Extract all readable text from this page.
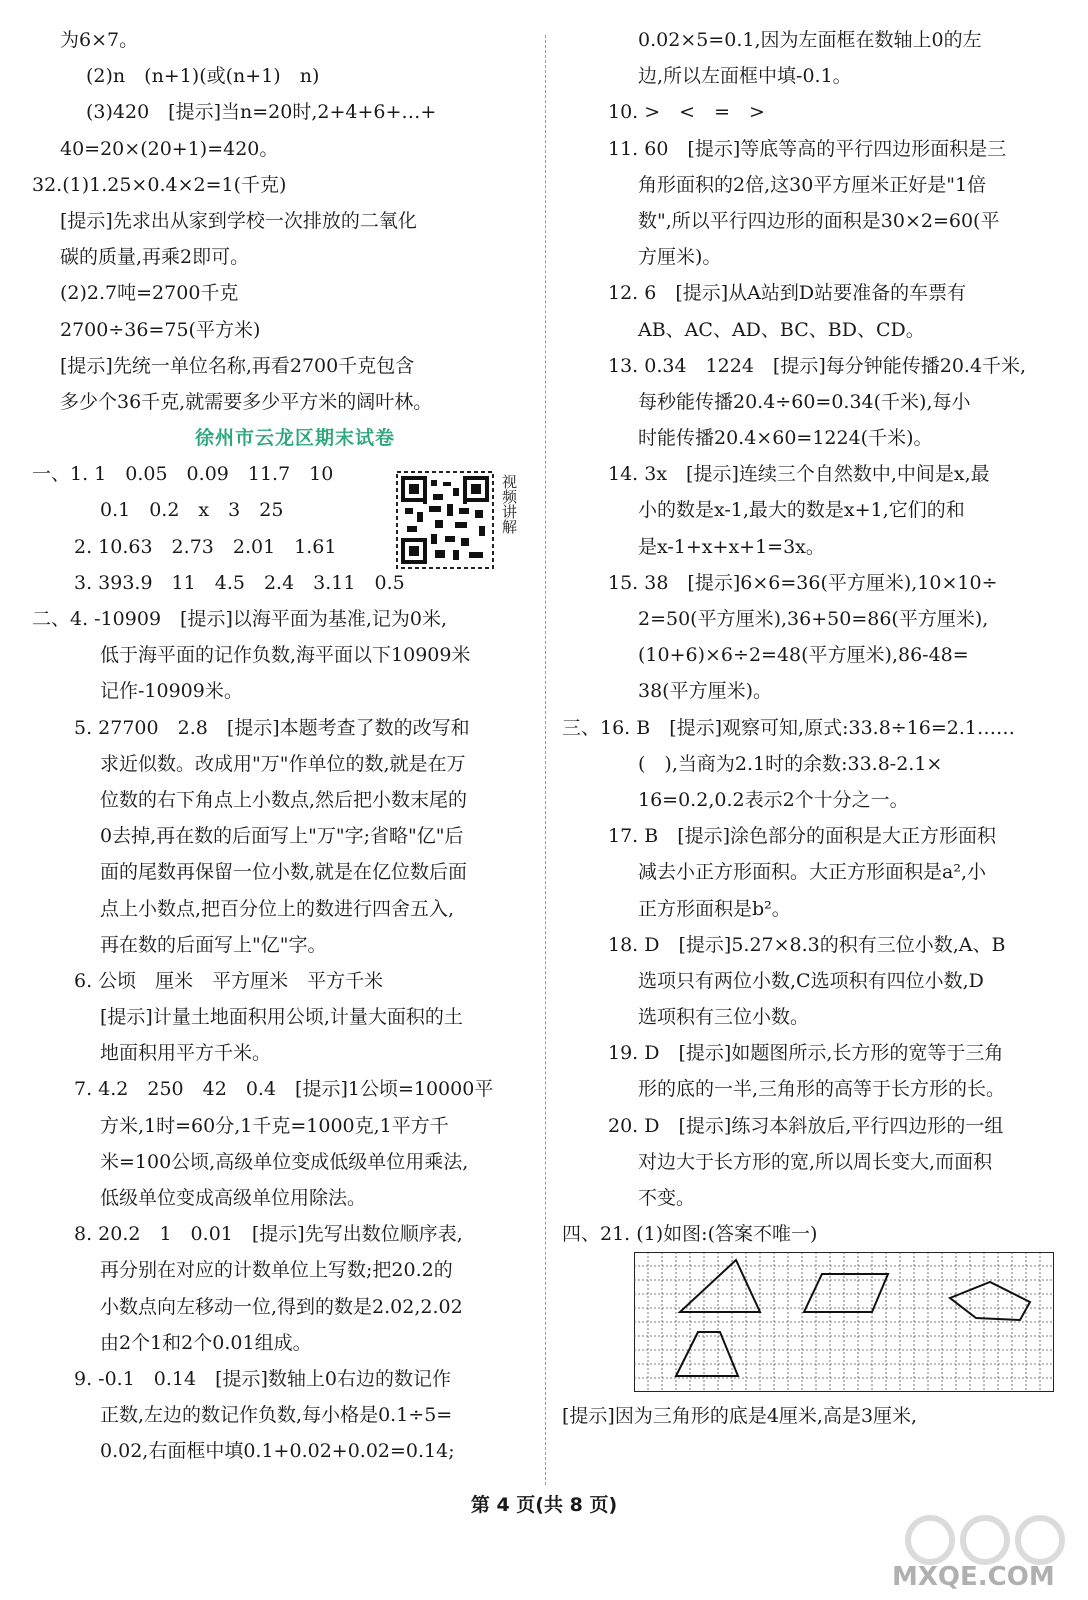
为6×7。
(2)n　(n+1)(或(n+1)　n)
(3)420　[提示]当n=20时,2+4+6+…+
40=20×(20+1)=420。
32.(1)1.25×0.4×2=1(千克)
[提示]先求出从家到学校一次排放的二氧化
碳的质量,再乘2即可。
(2)2.7吨=2700千克
2700÷36=75(平方米)
[提示]先统一单位名称,再看2700千克包含
多少个36千克,就需要多少平方米的阔叶林。
徐州市云龙区期末试卷
一、1. 1　0.05　0.09　11.7　10
0.1　0.2　x　3　25
2. 10.63　2.73　2.01　1.61
3. 393.9　11　4.5　2.4　3.11　0.5
二、4. -10909　[提示]以海平面为基准,记为0米,
低于海平面的记作负数,海平面以下10909米
记作-10909米。
5. 27700　2.8　[提示]本题考查了数的改写和
求近似数。改成用"万"作单位的数,就是在万
位数的右下角点上小数点,然后把小数末尾的
0去掉,再在数的后面写上"万"字;省略"亿"后
面的尾数再保留一位小数,就是在亿位数后面
点上小数点,把百分位上的数进行四舍五入,
再在数的后面写上"亿"字。
6. 公顷　厘米　平方厘米　平方千米
[提示]计量土地面积用公顷,计量大面积的土
地面积用平方千米。
7. 4.2　250　42　0.4　[提示]1公顷=10000平
方米,1时=60分,1千克=1000克,1平方千
米=100公顷,高级单位变成低级单位用乘法,
低级单位变成高级单位用除法。
8. 20.2　1　0.01　[提示]先写出数位顺序表,
再分别在对应的计数单位上写数;把20.2的
小数点向左移动一位,得到的数是2.02,2.02
由2个1和2个0.01组成。
9. -0.1　0.14　[提示]数轴上0右边的数记作
正数,左边的数记作负数,每小格是0.1÷5=
0.02,右面框中填0.1+0.02+0.02=0.14;
视频讲解
0.02×5=0.1,因为左面框在数轴上0的左
边,所以左面框中填-0.1。
10. >　<　=　>
11. 60　[提示]等底等高的平行四边形面积是三
角形面积的2倍,这30平方厘米正好是"1倍
数",所以平行四边形的面积是30×2=60(平
方厘米)。
12. 6　[提示]从A站到D站要准备的车票有
AB、AC、AD、BC、BD、CD。
13. 0.34　1224　[提示]每分钟能传播20.4千米,
每秒能传播20.4÷60=0.34(千米),每小
时能传播20.4×60=1224(千米)。
14. 3x　[提示]连续三个自然数中,中间是x,最
小的数是x-1,最大的数是x+1,它们的和
是x-1+x+x+1=3x。
15. 38　[提示]6×6=36(平方厘米),10×10÷
2=50(平方厘米),36+50=86(平方厘米),
(10+6)×6÷2=48(平方厘米),86-48=
38(平方厘米)。
三、16. B　[提示]观察可知,原式:33.8÷16=2.1……
(　),当商为2.1时的余数:33.8-2.1×
16=0.2,0.2表示2个十分之一。
17. B　[提示]涂色部分的面积是大正方形面积
减去小正方形面积。大正方形面积是a²,小
正方形面积是b²。
18. D　[提示]5.27×8.3的积有三位小数,A、B
选项只有两位小数,C选项积有四位小数,D
选项积有三位小数。
19. D　[提示]如题图所示,长方形的宽等于三角
形的底的一半,三角形的高等于长方形的长。
20. D　[提示]练习本斜放后,平行四边形的一组
对边大于长方形的宽,所以周长变大,而面积
不变。
四、21. (1)如图:(答案不唯一)
[提示]因为三角形的底是4厘米,高是3厘米,
第 4 页(共 8 页)
MXQE.COM
